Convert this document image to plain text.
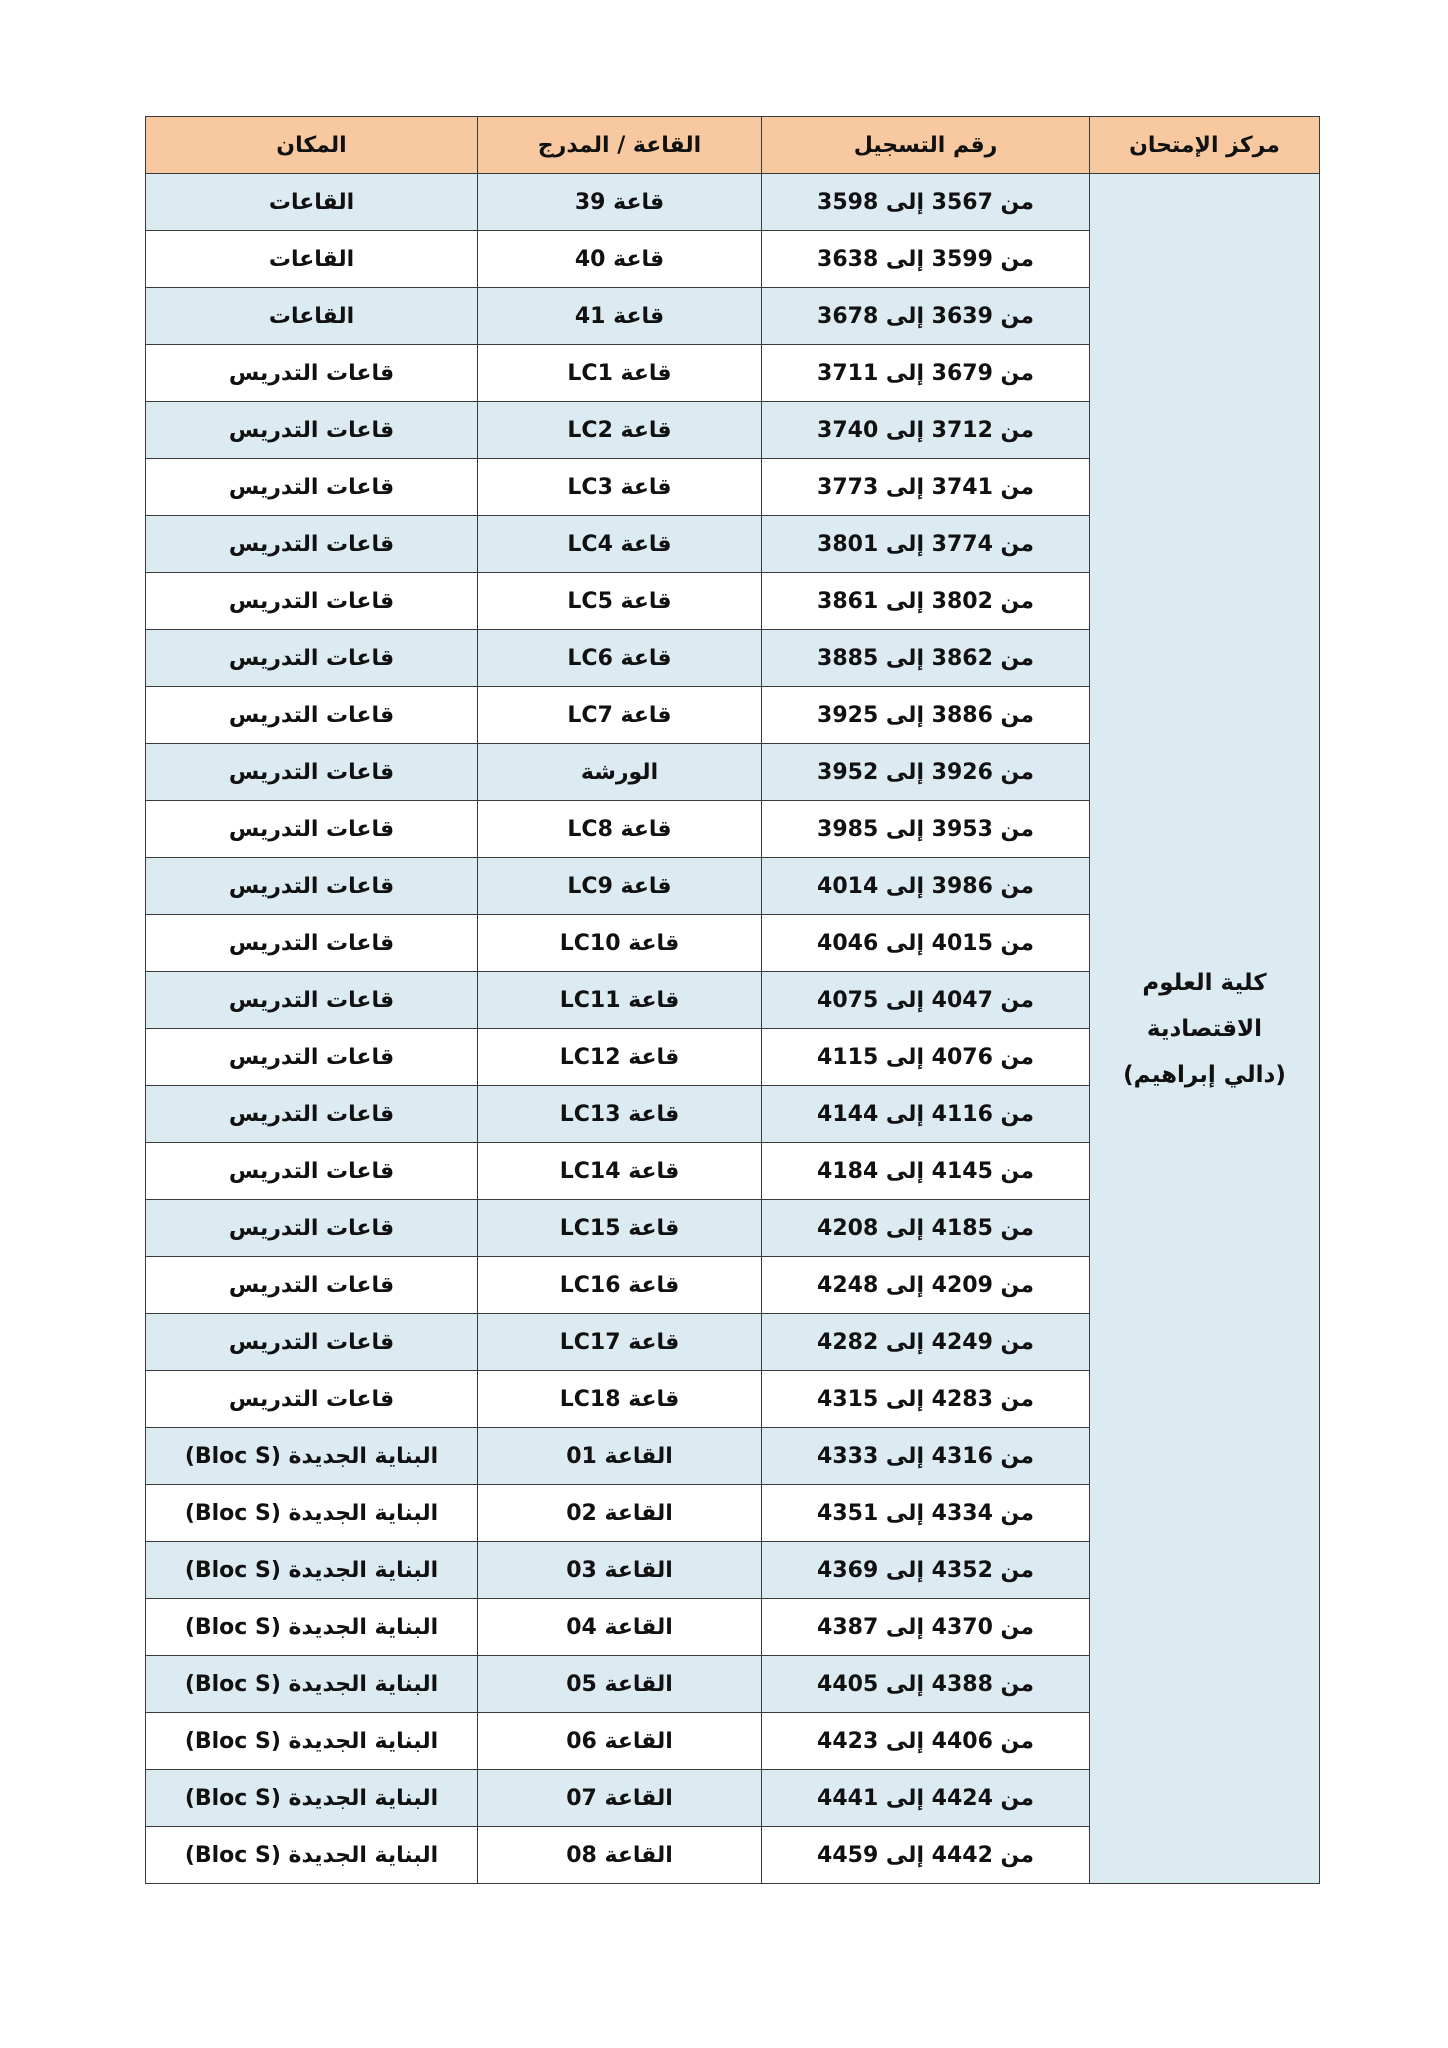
مركز الإمتحان	رقم التسجيل	القاعة / المدرج	المكان

كلية العلوم
الاقتصادية
(دالي إبراهيم)	من 3567 إلى 3598	قاعة 39	القاعات
	من 3599 إلى 3638	قاعة 40	القاعات
	من 3639 إلى 3678	قاعة 41	القاعات
	من 3679 إلى 3711	قاعة LC1	قاعات التدريس
	من 3712 إلى 3740	قاعة LC2	قاعات التدريس
	من 3741 إلى 3773	قاعة LC3	قاعات التدريس
	من 3774 إلى 3801	قاعة LC4	قاعات التدريس
	من 3802 إلى 3861	قاعة LC5	قاعات التدريس
	من 3862 إلى 3885	قاعة LC6	قاعات التدريس
	من 3886 إلى 3925	قاعة LC7	قاعات التدريس
	من 3926 إلى 3952	الورشة	قاعات التدريس
	من 3953 إلى 3985	قاعة LC8	قاعات التدريس
	من 3986 إلى 4014	قاعة LC9	قاعات التدريس
	من 4015 إلى 4046	قاعة LC10	قاعات التدريس
	من 4047 إلى 4075	قاعة LC11	قاعات التدريس
	من 4076 إلى 4115	قاعة LC12	قاعات التدريس
	من 4116 إلى 4144	قاعة LC13	قاعات التدريس
	من 4145 إلى 4184	قاعة LC14	قاعات التدريس
	من 4185 إلى 4208	قاعة LC15	قاعات التدريس
	من 4209 إلى 4248	قاعة LC16	قاعات التدريس
	من 4249 إلى 4282	قاعة LC17	قاعات التدريس
	من 4283 إلى 4315	قاعة LC18	قاعات التدريس
	من 4316 إلى 4333	القاعة 01	البناية الجديدة (Bloc S)
	من 4334 إلى 4351	القاعة 02	البناية الجديدة (Bloc S)
	من 4352 إلى 4369	القاعة 03	البناية الجديدة (Bloc S)
	من 4370 إلى 4387	القاعة 04	البناية الجديدة (Bloc S)
	من 4388 إلى 4405	القاعة 05	البناية الجديدة (Bloc S)
	من 4406 إلى 4423	القاعة 06	البناية الجديدة (Bloc S)
	من 4424 إلى 4441	القاعة 07	البناية الجديدة (Bloc S)
	من 4442 إلى 4459	القاعة 08	البناية الجديدة (Bloc S)
